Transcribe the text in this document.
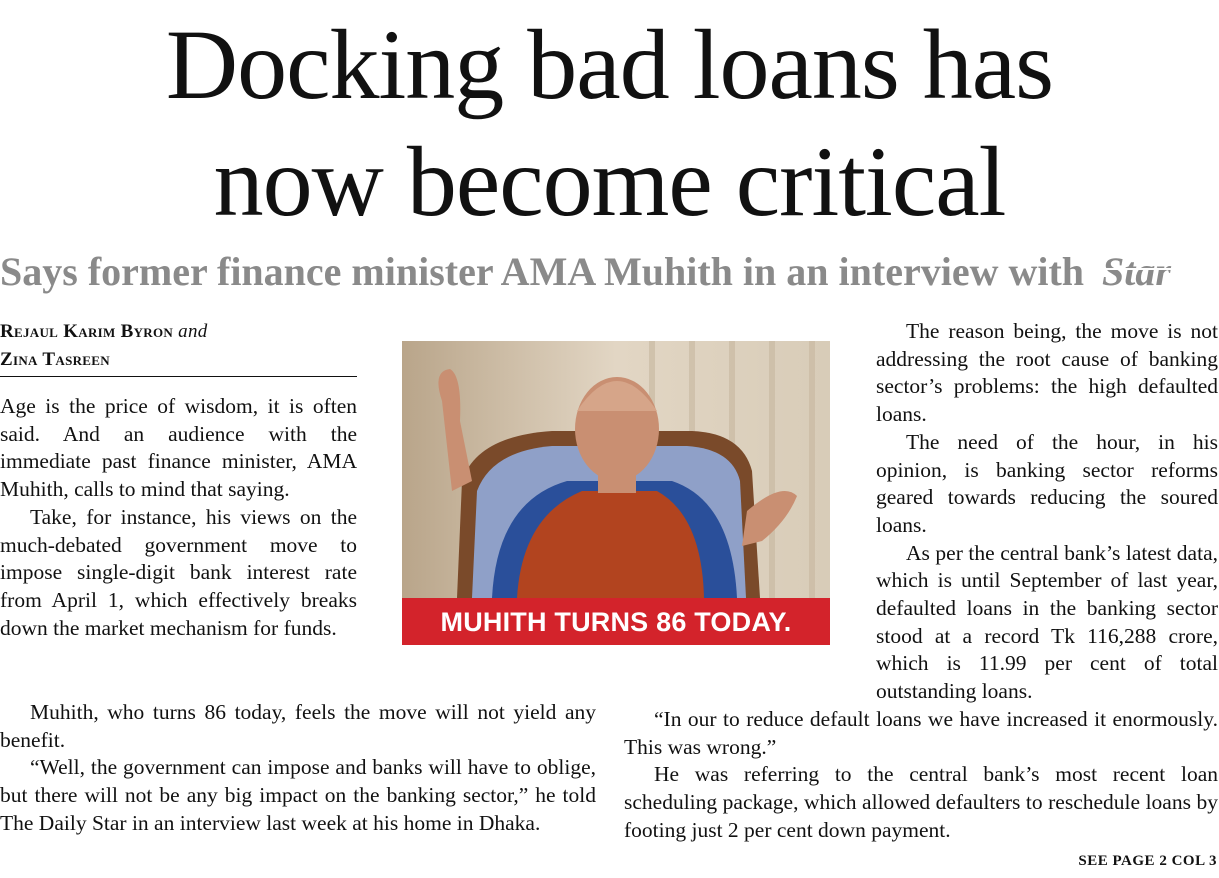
Docking bad loans has
now become critical
Says former finance minister AMA Muhith in an interview with Star
Rejaul Karim Byron and
Zina Tasreen

Age is the price of wisdom, it is often said. And an audience with the immediate past finance minister, AMA Muhith, calls to mind that saying.

Take, for instance, his views on the much-debated government move to impose single-digit bank interest rate from April 1, which effectively breaks down the market mechanism for funds.

Muhith, who turns 86 today, feels the move will not yield any benefit.

“Well, the government can impose and banks will have to oblige, but there will not be any big impact on the banking sector,” he told The Daily Star in an interview last week at his home in Dhaka.

The reason being, the move is not addressing the root cause of banking sector’s problems: the high defaulted loans.

The need of the hour, in his opinion, is banking sector reforms geared towards reducing the soured loans.

As per the central bank’s latest data, which is until September of last year, defaulted loans in the banking sector stood at a record Tk 116,288 crore, which is 11.99 per cent of total outstanding loans.

“In our to reduce default loans we have increased it enormously. This was wrong.”

He was referring to the central bank’s most recent loan scheduling package, which allowed defaulters to reschedule loans by footing just 2 per cent down payment.

MUHITH TURNS 86 TODAY.
SEE PAGE 2 COL 3
